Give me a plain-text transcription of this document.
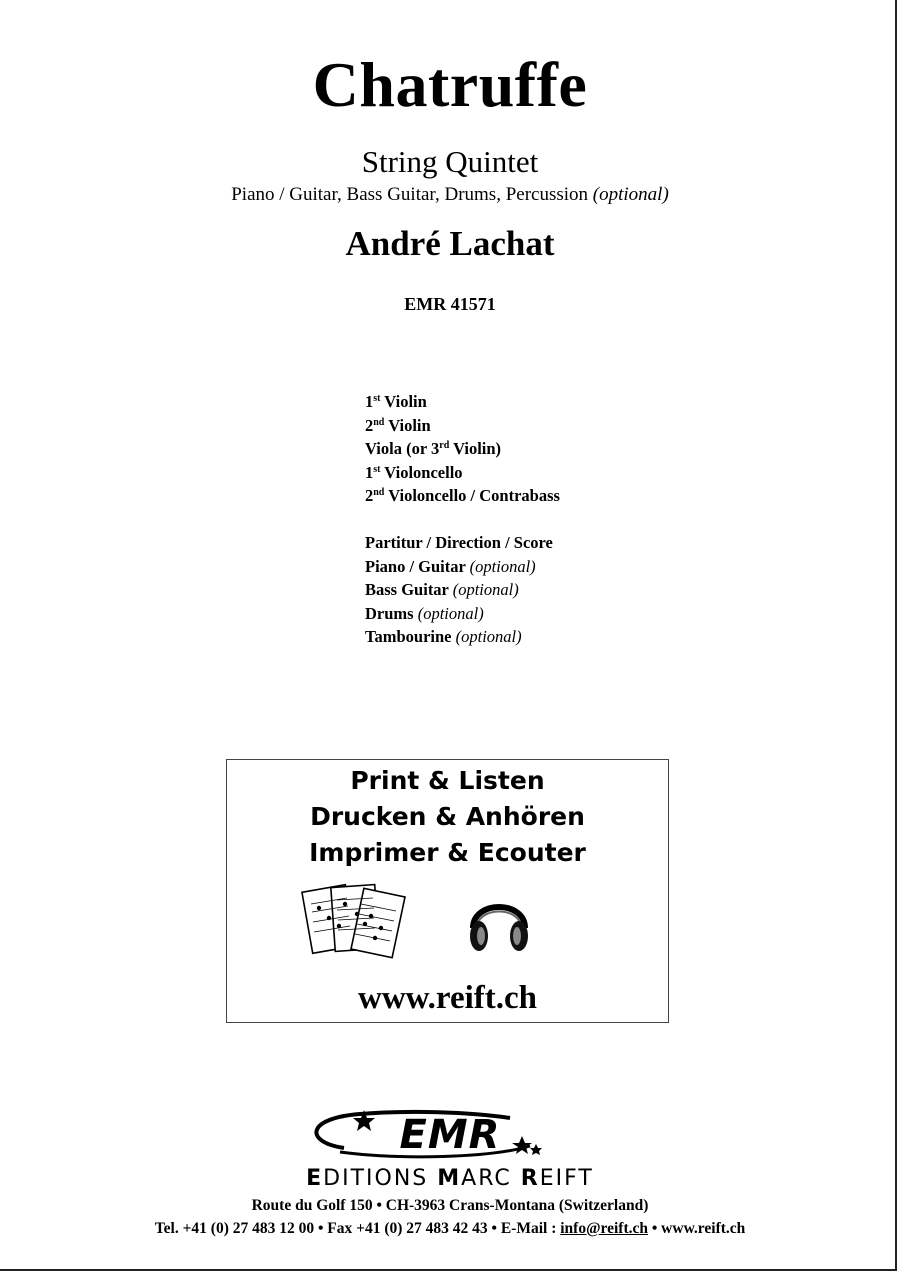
Chatruffe
String Quintet
Piano / Guitar, Bass Guitar, Drums, Percussion (optional)
André Lachat
EMR 41571
1st Violin
2nd Violin
Viola (or 3rd Violin)
1st Violoncello
2nd Violoncello / Contrabass
Partitur / Direction / Score
Piano / Guitar (optional)
Bass Guitar (optional)
Drums (optional)
Tambourine (optional)
Print & Listen
Drucken & Anhören
Imprimer & Ecouter
www.reift.ch
EMR
EDITIONS MARC REIFT
Route du Golf 150 • CH-3963 Crans-Montana (Switzerland)
Tel. +41 (0) 27 483 12 00 • Fax +41 (0) 27 483 42 43 • E-Mail : info@reift.ch • www.reift.ch
